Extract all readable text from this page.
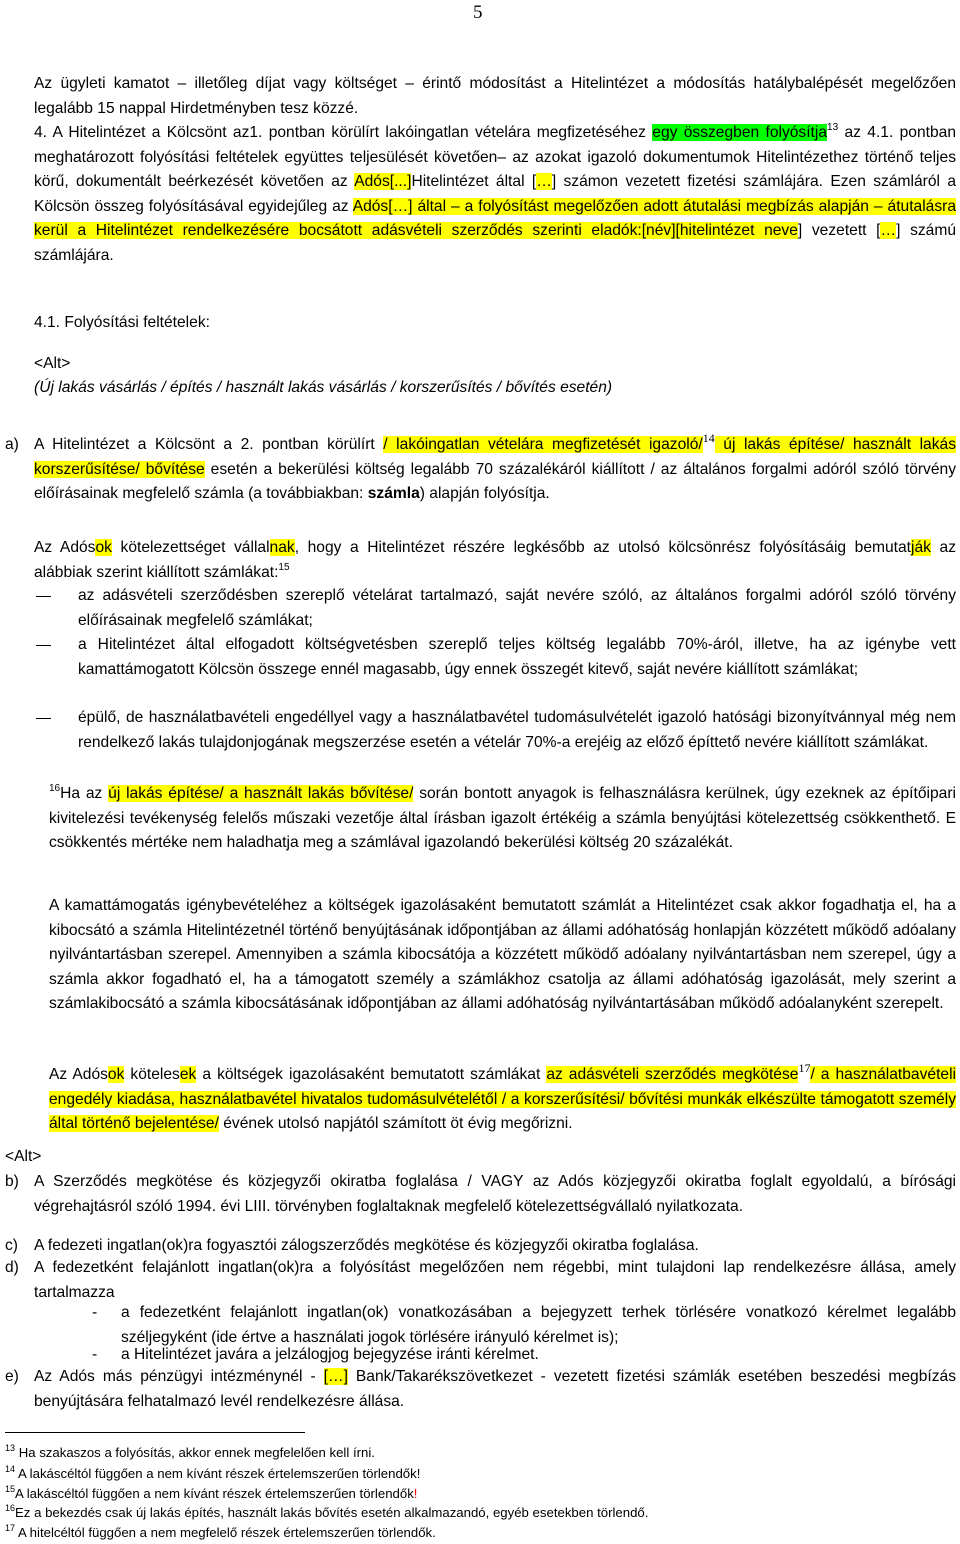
5
Az ügyleti kamatot – illetőleg díjat vagy költséget – érintő módosítást a Hitelintézet a módosítás hatálybalépését megelőzően legalább 15 nappal Hirdetményben tesz közzé.
4. A Hitelintézet a Kölcsönt az1. pontban körülírt lakóingatlan vételára megfizetéséhez egy összegben folyósítja$^{13}$ az 4.1. pontban meghatározott folyósítási feltételek együttes teljesülését követően– az azokat igazoló dokumentumok Hitelintézethez történő teljes körű, dokumentált beérkezését követően az Adós[...]Hitelintézet által […] számon vezetett fizetési számlájára. Ezen számláról a Kölcsön összeg folyósításával egyidejűleg az Adós[…] által – a folyósítást megelőzően adott átutalási megbízás alapján – átutalásra kerül a Hitelintézet rendelkezésére bocsátott adásvételi szerződés szerinti eladók:[név][hitelintézet neve] vezetett […] számú számlájára.
4.1. Folyósítási feltételek:
<Alt>
(Új lakás vásárlás / építés / használt lakás vásárlás / korszerűsítés / bővítés esetén)
a) A Hitelintézet a Kölcsönt a 2. pontban körülírt / lakóingatlan vételára megfizetését igazoló/$^{14}$ új lakás építése/ használt lakás korszerűsítése/ bővítése esetén a bekerülési költség legalább 70 százalékáról kiállított / az általános forgalmi adóról szóló törvény előírásainak megfelelő számla (a továbbiakban: számla) alapján folyósítja.
Az Adósok kötelezettséget vállalnak, hogy a Hitelintézet részére legkésőbb az utolsó kölcsönrész folyósításáig bemutatják az alábbiak szerint kiállított számlákat:$^{15}$
az adásvételi szerződésben szereplő vételárat tartalmazó, saját nevére szóló, az általános forgalmi adóról szóló törvény előírásainak megfelelő számlákat;
a Hitelintézet által elfogadott költségvetésben szereplő teljes költség legalább 70%-áról, illetve, ha az igénybe vett kamattámogatott Kölcsön összege ennél magasabb, úgy ennek összegét kitevő, saját nevére kiállított számlákat;
épülő, de használatbavételi engedéllyel vagy a használatbavétel tudomásulvételét igazoló hatósági bizonyítvánnyal még nem rendelkező lakás tulajdonjogának megszerzése esetén a vételár 70%-a erejéig az előző építtető nevére kiállított számlákat.
$^{16}$Ha az új lakás építése/ a használt lakás bővítése/ során bontott anyagok is felhasználásra kerülnek, úgy ezeknek az építőipari kivitelezési tevékenység felelős műszaki vezetője által írásban igazolt értékéig a számla benyújtási kötelezettség csökkenthető. E csökkentés mértéke nem haladhatja meg a számlával igazolandó bekerülési költség 20 százalékát.
A kamattámogatás igénybevételéhez a költségek igazolásaként bemutatott számlát a Hitelintézet csak akkor fogadhatja el, ha a kibocsátó a számla Hitelintézetnél történő benyújtásának időpontjában az állami adóhatóság honlapján közzétett működő adóalany nyilvántartásban szerepel. Amennyiben a számla kibocsátója a közzétett működő adóalany nyilvántartásban nem szerepel, úgy a számla akkor fogadható el, ha a támogatott személy a számlákhoz csatolja az állami adóhatóság igazolását, mely szerint a számlakibocsátó a számla kibocsátásának időpontjában az állami adóhatóság nyilvántartásában működő adóalanyként szerepelt.
Az Adósok kötelesek a költségek igazolásaként bemutatott számlákat az adásvételi szerződés megkötése$^{17}$/ a használatbavételi engedély kiadása, használatbavétel hivatalos tudomásulvételétől / a korszerűsítési/ bővítési munkák elkészülte támogatott személy által történő bejelentése/ évének utolsó napjától számított öt évig megőrizni.
<Alt>
b) A Szerződés megkötése és közjegyzői okiratba foglalása / VAGY az Adós közjegyzői okiratba foglalt egyoldalú, a bírósági végrehajtásról szóló 1994. évi LIII. törvényben foglaltaknak megfelelő kötelezettségvállaló nyilatkozata.
c) A fedezeti ingatlan(ok)ra fogyasztói zálogszerződés megkötése és közjegyzői okiratba foglalása.
d) A fedezetként felajánlott ingatlan(ok)ra a folyósítást megelőzően nem régebbi, mint tulajdoni lap rendelkezésre állása, amely tartalmazza
- a fedezetként felajánlott ingatlan(ok) vonatkozásában a bejegyzett terhek törlésére vonatkozó kérelmet legalább széljegyként (ide értve a használati jogok törlésére irányuló kérelmet is);
- a Hitelintézet javára a jelzálogjog bejegyzése iránti kérelmet.
e) Az Adós más pénzügyi intézménynél - […] Bank/Takarékszövetkezet - vezetett fizetési számlák esetében beszedési megbízás benyújtására felhatalmazó levél rendelkezésre állása.
$^{13}$ Ha szakaszos a folyósítás, akkor ennek megfelelően kell írni.
$^{14}$ A lakáscéltól függően a nem kívánt részek értelemszerűen törlendők!
$^{15}$A lakáscéltól függően a nem kívánt részek értelemszerűen törlendők!
$^{16}$Ez a bekezdés csak új lakás építés, használt lakás bővítés esetén alkalmazandó, egyéb esetekben törlendő.
$^{17}$ A hitelcéltól függően a nem megfelelő részek értelemszerűen törlendők.
